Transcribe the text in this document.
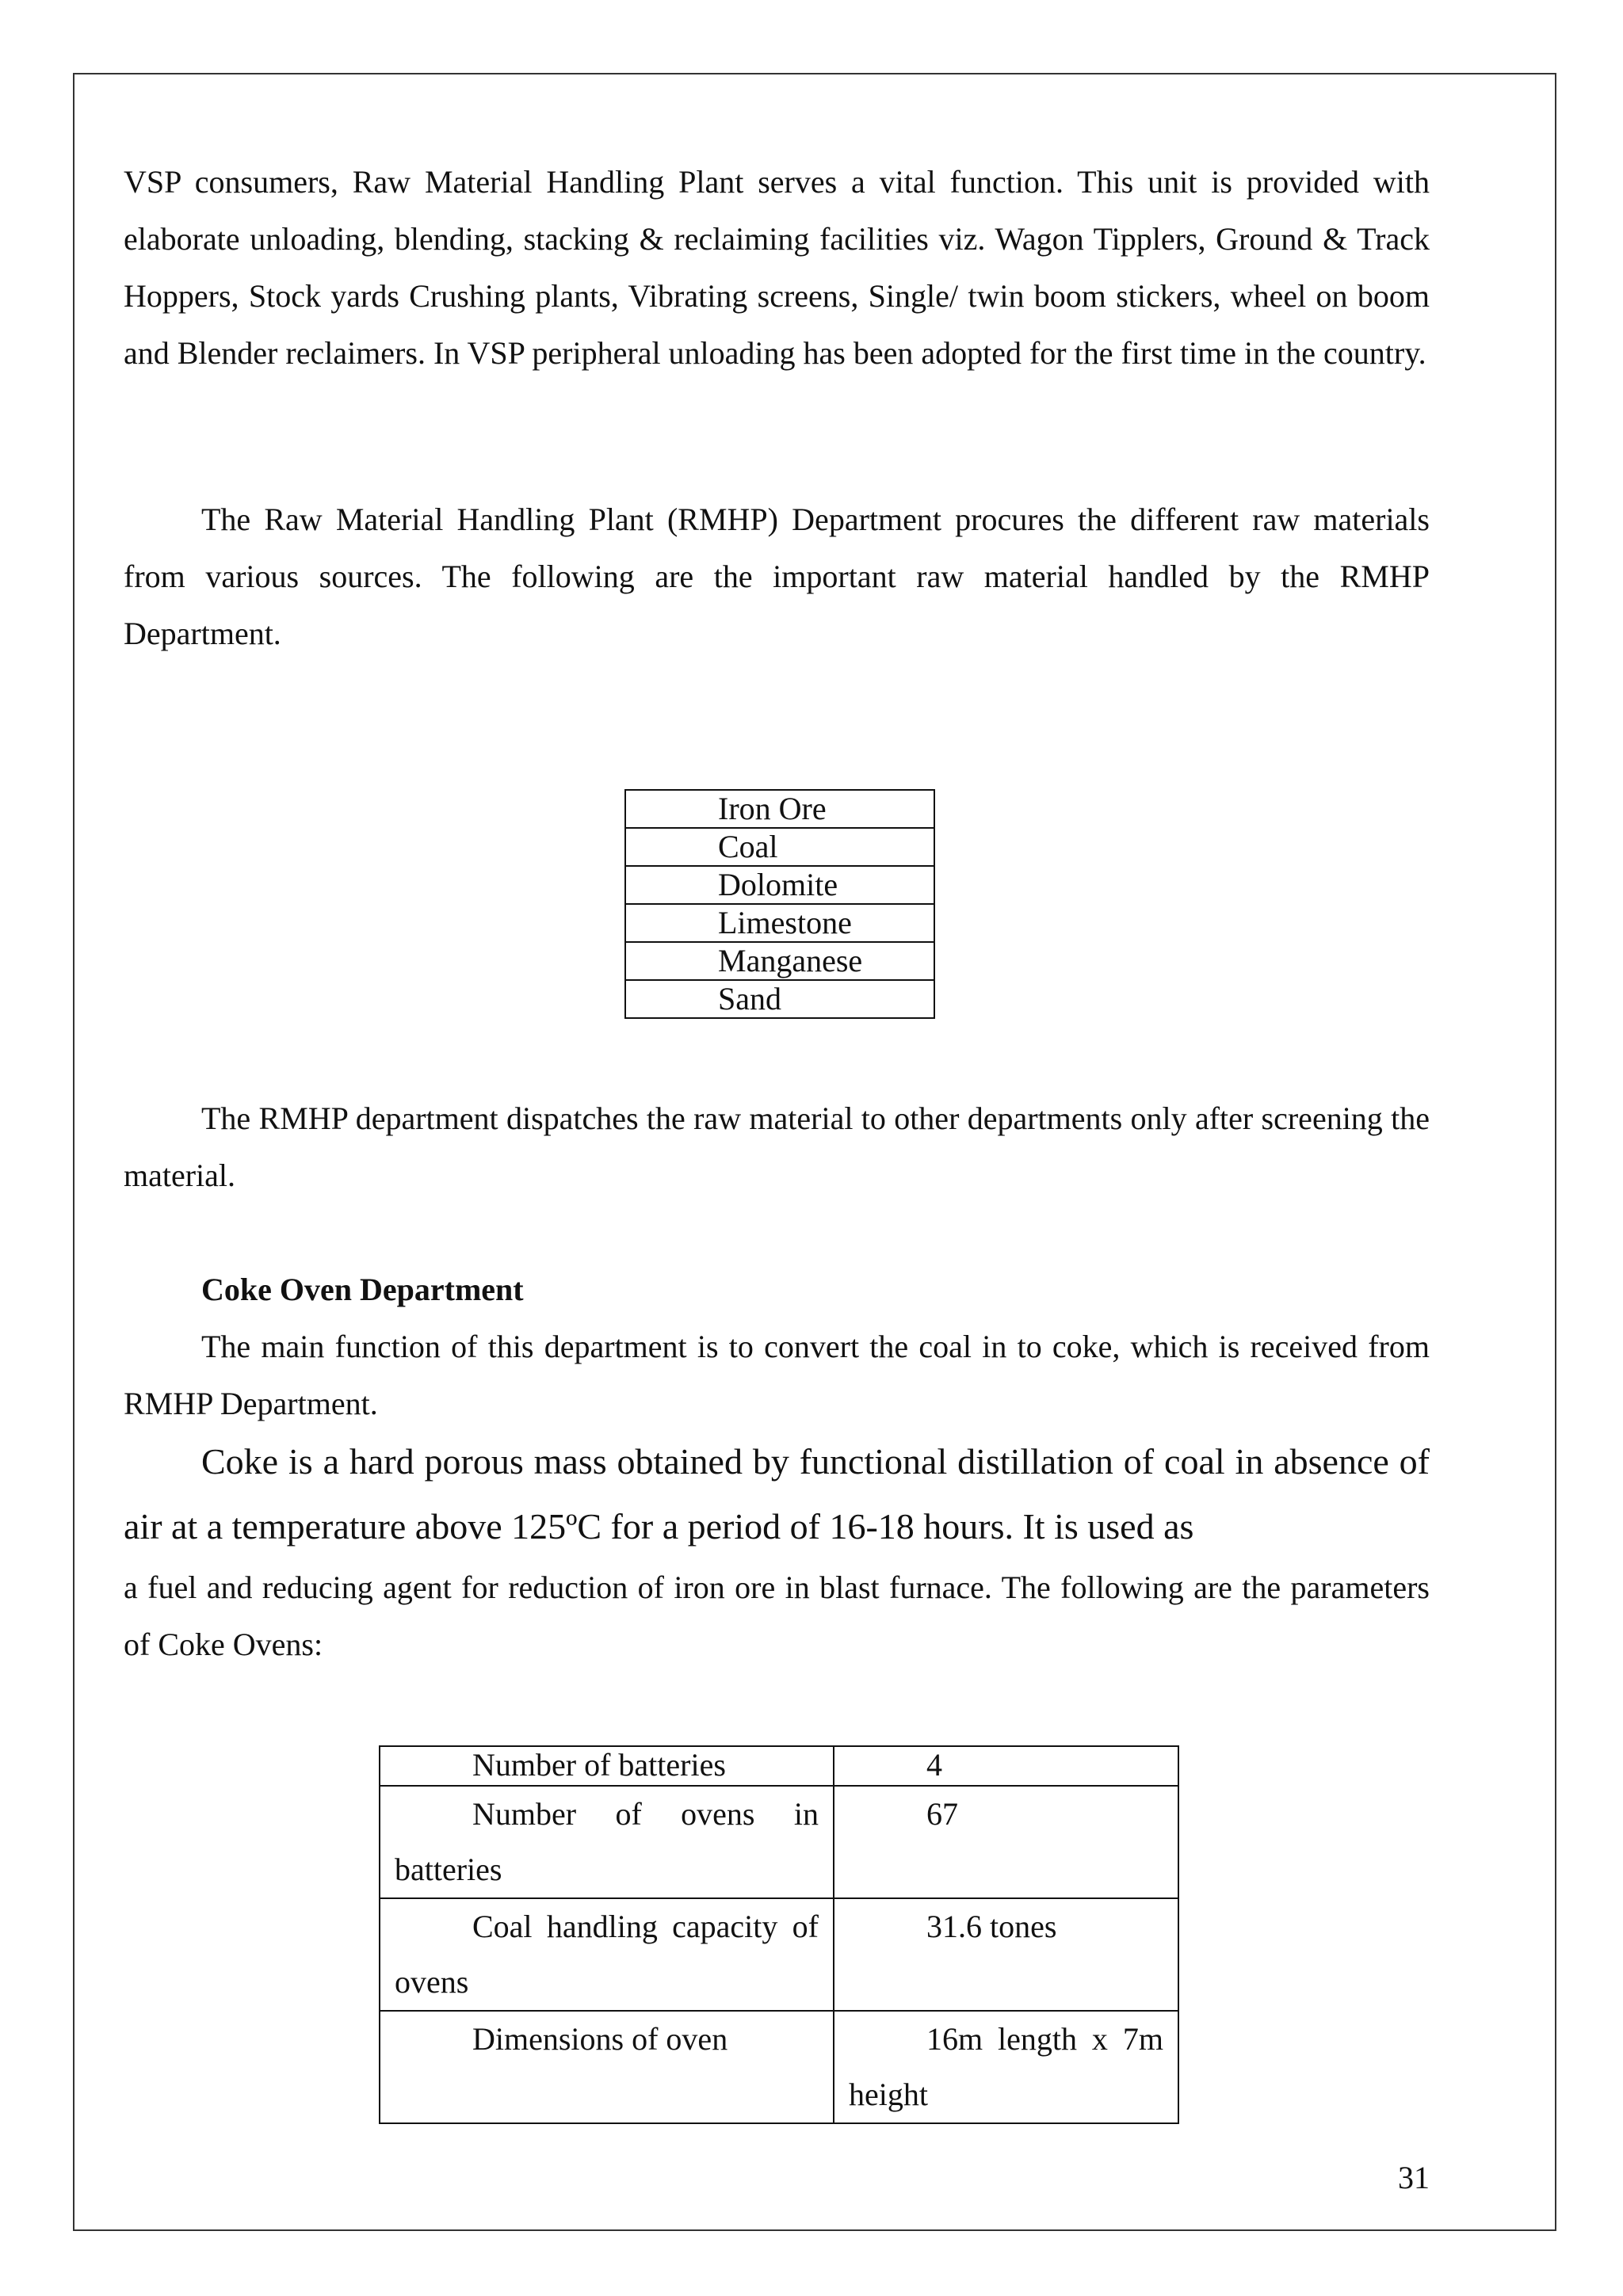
VSP consumers, Raw Material Handling Plant serves a vital function. This unit is provided with elaborate unloading, blending, stacking & reclaiming facilities viz. Wagon Tipplers, Ground & Track Hoppers, Stock yards Crushing plants, Vibrating screens, Single/ twin boom stickers, wheel on boom and Blender reclaimers. In VSP peripheral unloading has been adopted for the first time in the country.

The Raw Material Handling Plant (RMHP) Department procures the different raw materials from various sources. The following are the important raw material handled by the RMHP Department.

Iron Ore
Coal
Dolomite
Limestone
Manganese
Sand

The RMHP department dispatches the raw material to other departments only after screening the material.

Coke Oven Department

The main function of this department is to convert the coal in to coke, which is received from RMHP Department.

Coke is a hard porous mass obtained by functional distillation of coal in absence of air at a temperature above 125ºC for a period of 16-18 hours. It is used as

a fuel and reducing agent for reduction of iron ore in blast furnace. The following are the parameters of Coke Ovens:

Number of batteries	4

Number of ovens in batteries	67

Coal handling capacity of ovens	31.6 tones

Dimensions of oven	16m length x 7m height
31
